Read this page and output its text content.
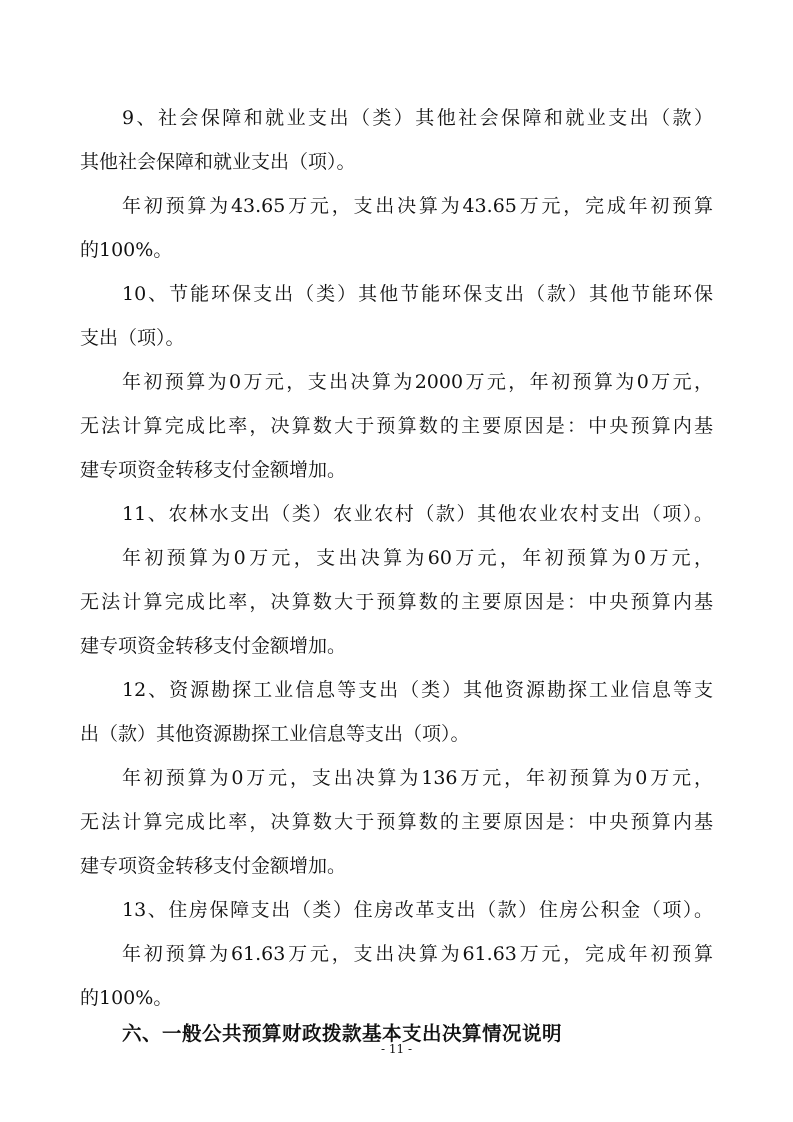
9、社会保障和就业支出（类）其他社会保障和就业支出（款）
其他社会保障和就业支出（项）。
年初预算为43.65万元，支出决算为43.65万元，完成年初预算
的100%。
10、节能环保支出（类）其他节能环保支出（款）其他节能环保
支出（项）。
年初预算为0万元，支出决算为2000万元，年初预算为0万元，
无法计算完成比率，决算数大于预算数的主要原因是：中央预算内基
建专项资金转移支付金额增加。
11、农林水支出（类）农业农村（款）其他农业农村支出（项）。
年初预算为0万元，支出决算为60万元，年初预算为0万元，
无法计算完成比率，决算数大于预算数的主要原因是：中央预算内基
建专项资金转移支付金额增加。
12、资源勘探工业信息等支出（类）其他资源勘探工业信息等支
出（款）其他资源勘探工业信息等支出（项）。
年初预算为0万元，支出决算为136万元，年初预算为0万元，
无法计算完成比率，决算数大于预算数的主要原因是：中央预算内基
建专项资金转移支付金额增加。
13、住房保障支出（类）住房改革支出（款）住房公积金（项）。
年初预算为61.63万元，支出决算为61.63万元，完成年初预算
的100%。
六、一般公共预算财政拨款基本支出决算情况说明
- 11 -
